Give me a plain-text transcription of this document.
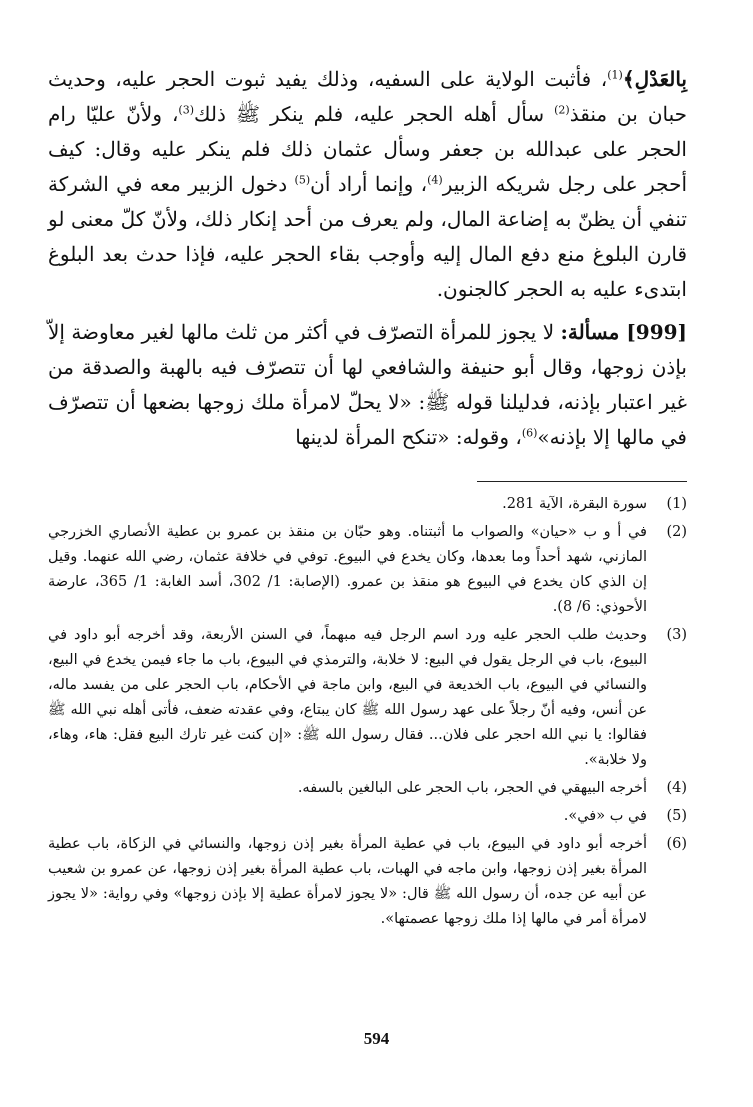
بِالعَدْلِ﴾$^{(1)}$، فأثبت الولاية على السفيه، وذلك يفيد ثبوت الحجر عليه، وحديث حبان بن منقذ$^{(2)}$ سأل أهله الحجر عليه، فلم ينكر ﷺ ذلك$^{(3)}$، ولأنّ عليّا رام الحجر على عبدالله بن جعفر وسأل عثمان ذلك فلم ينكر عليه وقال: كيف أحجر على رجل شريكه الزبير$^{(4)}$، وإنما أراد أن$^{(5)}$ دخول الزبير معه في الشركة تنفي أن يظنّ به إضاعة المال، ولم يعرف من أحد إنكار ذلك، ولأنّ كلّ معنى لو قارن البلوغ منع دفع المال إليه وأوجب بقاء الحجر عليه، فإذا حدث بعد البلوغ ابتدىء عليه به الحجر كالجنون.

[999] مسألة: لا يجوز للمرأة التصرّف في أكثر من ثلث مالها لغير معاوضة إلاّ بإذن زوجها، وقال أبو حنيفة والشافعي لها أن تتصرّف فيه بالهبة والصدقة من غير اعتبار بإذنه، فدليلنا قوله ﷺ: «لا يحلّ لامرأة ملك زوجها بضعها أن تتصرّف في مالها إلا بإذنه»$^{(6)}$، وقوله: «تنكح المرأة لدينها

(1)
سورة البقرة، الآية 281.
(2)
في أ و ب «حيان» والصواب ما أثبتناه. وهو حبّان بن منقذ بن عمرو بن عطية الأنصاري الخزرجي المازني، شهد أحداً وما بعدها، وكان يخدع في البيوع. توفي في خلافة عثمان، رضي الله عنهما. وقيل إن الذي كان يخدع في البيوع هو منقذ بن عمرو. (الإصابة: 1/ 302، أسد الغابة: 1/ 365، عارضة الأحوذي: 6/ 8).
(3)
وحديث طلب الحجر عليه ورد اسم الرجل فيه مبهماً، في السنن الأربعة، وقد أخرجه أبو داود في البيوع، باب في الرجل يقول في البيع: لا خلابة، والترمذي في البيوع، باب ما جاء فيمن يخدع في البيع، والنسائي في البيوع، باب الخديعة في البيع، وابن ماجة في الأحكام، باب الحجر على من يفسد ماله، عن أنس، وفيه أنّ رجلاً على عهد رسول الله ﷺ كان يبتاع، وفي عقدته ضعف، فأتى أهله نبي الله ﷺ فقالوا: يا نبي الله احجر على فلان... فقال رسول الله ﷺ: «إن كنت غير تارك البيع فقل: هاء، وهاء، ولا خلابة».
(4)
أخرجه البيهقي في الحجر، باب الحجر على البالغين بالسفه.
(5)
في ب «في».
(6)
أخرجه أبو داود في البيوع، باب في عطية المرأة بغير إذن زوجها، والنسائي في الزكاة، باب عطية المرأة بغير إذن زوجها، وابن ماجه في الهبات، باب عطية المرأة بغير إذن زوجها، عن عمرو بن شعيب عن أبيه عن جده، أن رسول الله ﷺ قال: «لا يجوز لامرأة عطية إلا بإذن زوجها» وفي رواية: «لا يجوز لامرأة أمر في مالها إذا ملك زوجها عصمتها».
594
